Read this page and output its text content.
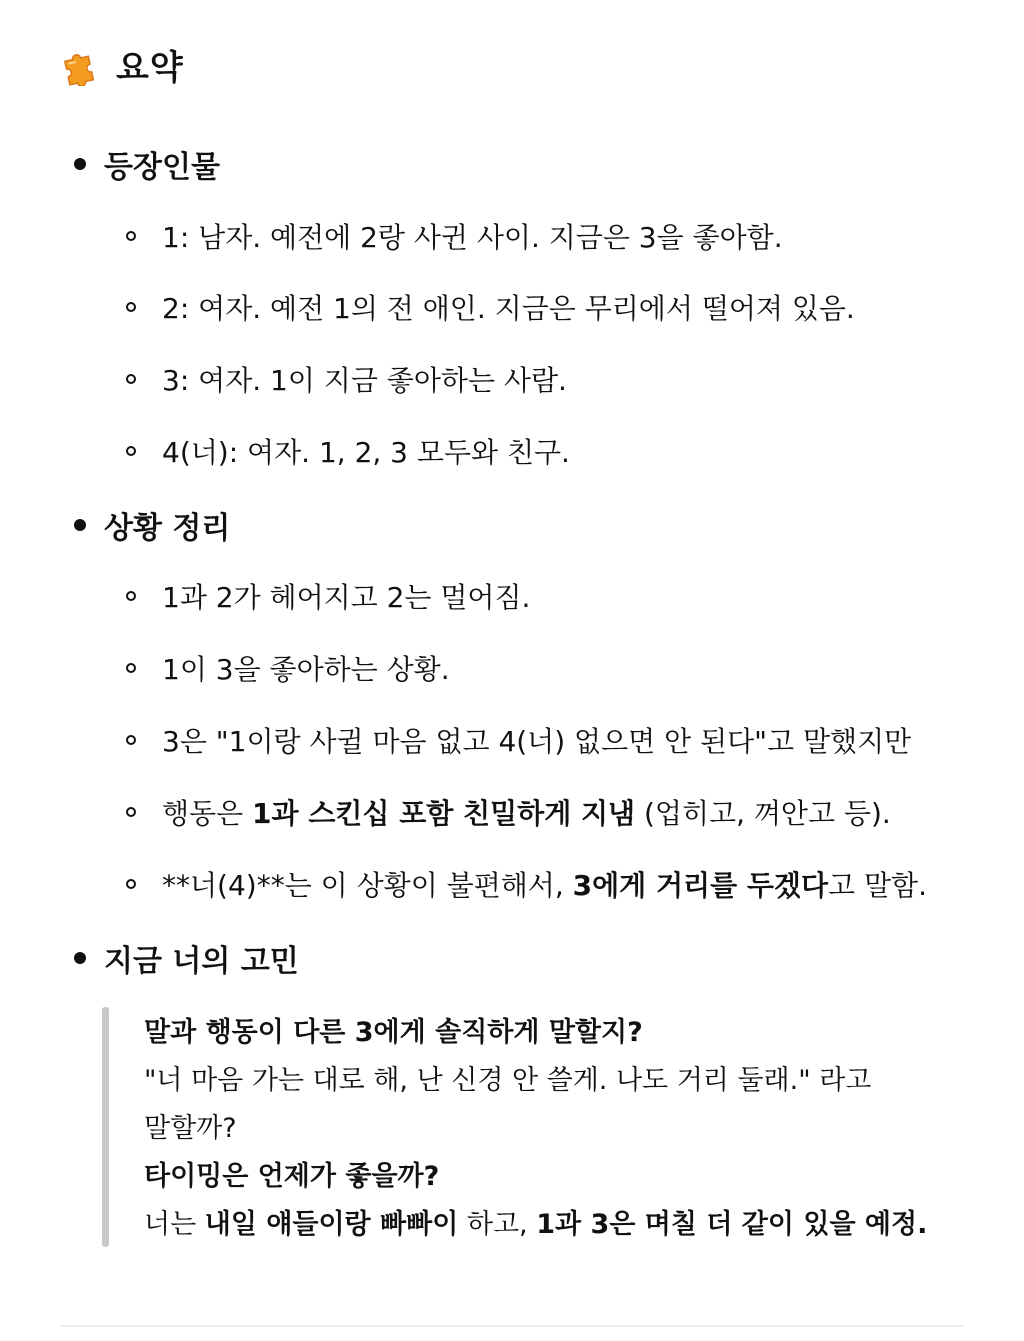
요약
등장인물
1: 남자. 예전에 2랑 사귄 사이. 지금은 3을 좋아함.
2: 여자. 예전 1의 전 애인. 지금은 무리에서 떨어져 있음.
3: 여자. 1이 지금 좋아하는 사람.
4(너): 여자. 1, 2, 3 모두와 친구.
상황 정리
1과 2가 헤어지고 2는 멀어짐.
1이 3을 좋아하는 상황.
3은 "1이랑 사귈 마음 없고 4(너) 없으면 안 된다"고 말했지만
행동은 1과 스킨십 포함 친밀하게 지냄 (업히고, 껴안고 등).
**너(4)**는 이 상황이 불편해서, 3에게 거리를 두겠다고 말함.
지금 너의 고민
말과 행동이 다른 3에게 솔직하게 말할지?
"너 마음 가는 대로 해, 난 신경 안 쓸게. 나도 거리 둘래." 라고
말할까?
타이밍은 언제가 좋을까?
너는 내일 얘들이랑 빠빠이 하고, 1과 3은 며칠 더 같이 있을 예정.
